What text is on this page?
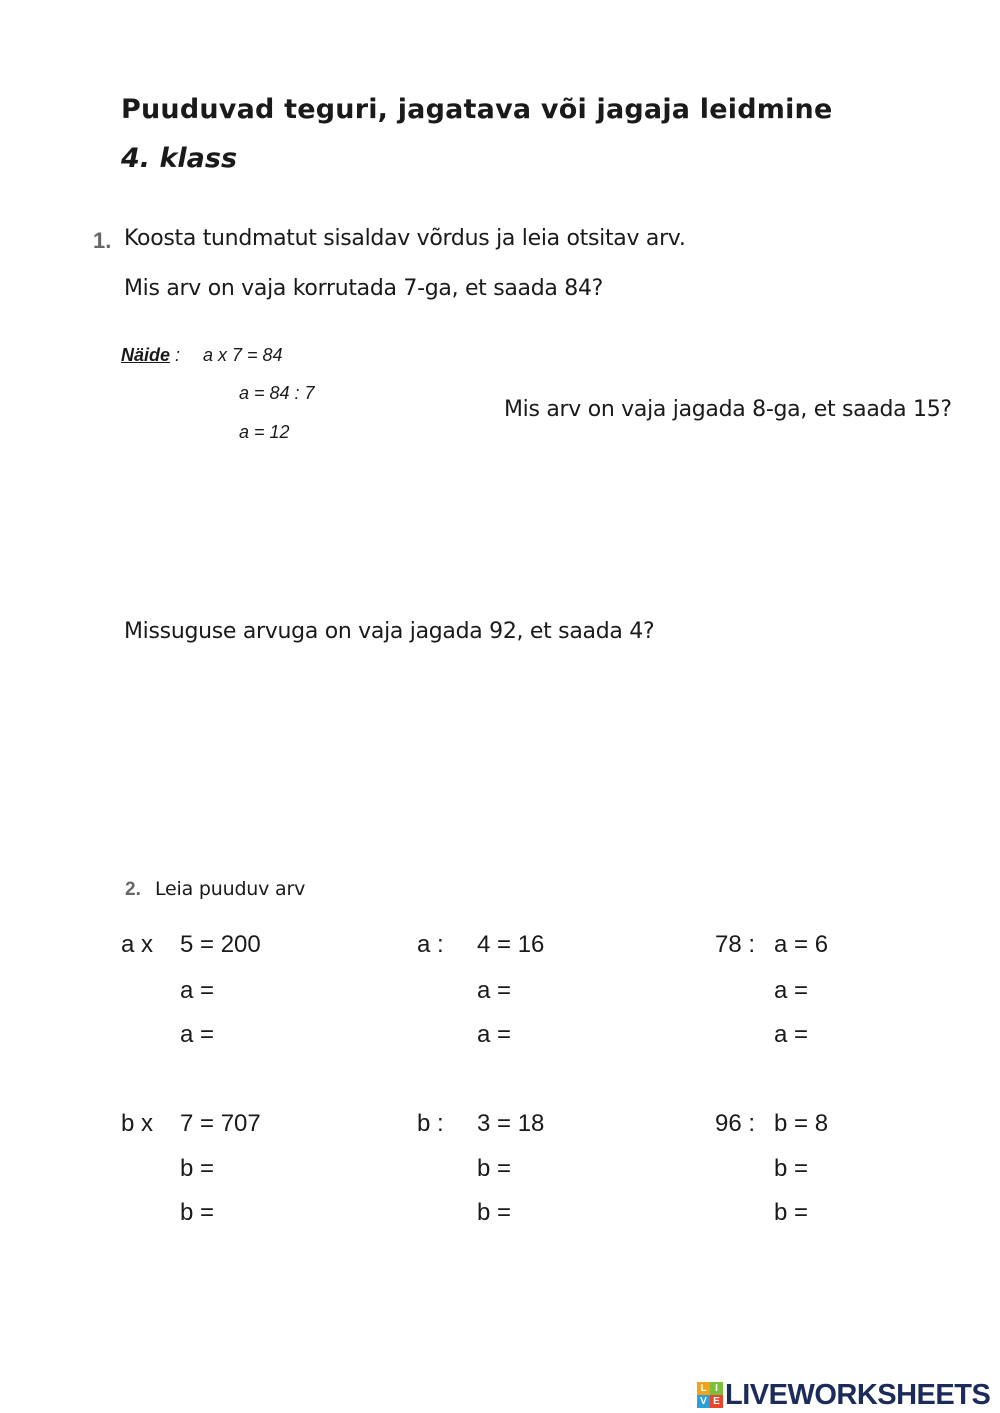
Puuduvad teguri, jagatava või jagaja leidmine
4. klass
1. Koosta tundmatut sisaldav võrdus ja leia otsitav arv.
Mis arv on vaja korrutada 7-ga, et saada 84?
Näide : a x 7 = 84
a = 84 : 7
a = 12
Mis arv on vaja jagada 8-ga, et saada 15?
Missuguse arvuga on vaja jagada 92, et saada 4?
2. Leia puuduv arv
a x 5 = 200
a =
a =
b x 7 = 707
b =
b =
a : 4 = 16
a =
a =
b : 3 = 18
b =
b =
78 : a = 6
a =
a =
96 : b = 8
b =
b =
L I
V E LIVEWORKSHEETS
